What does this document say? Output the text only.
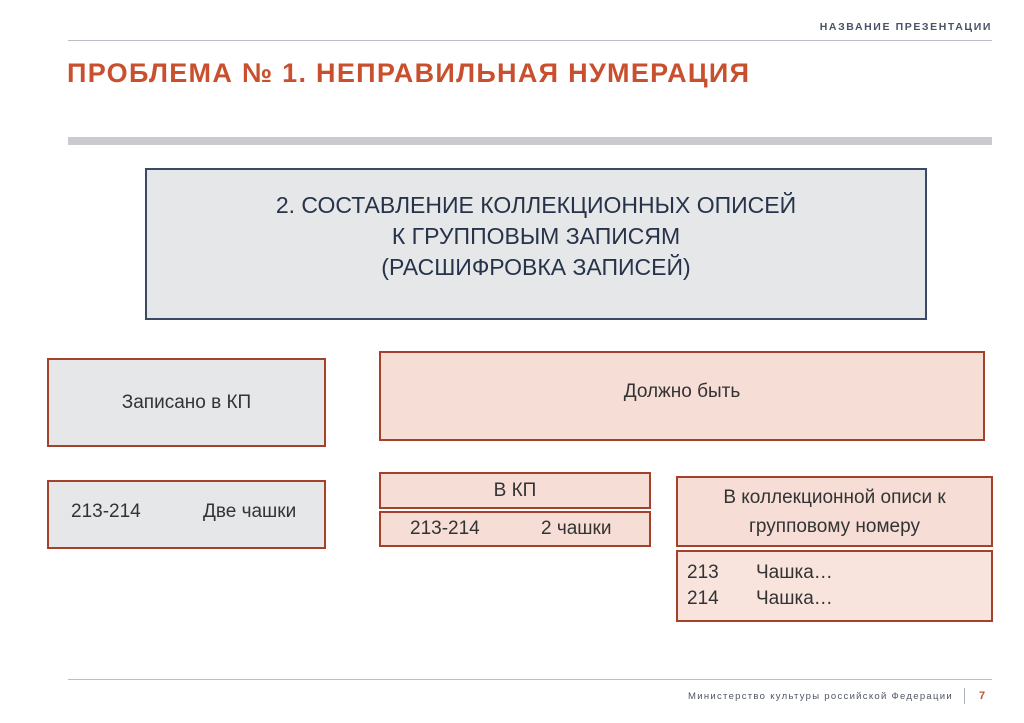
НАЗВАНИЕ ПРЕЗЕНТАЦИИ
ПРОБЛЕМА № 1. НЕПРАВИЛЬНАЯ НУМЕРАЦИЯ
2. СОСТАВЛЕНИЕ КОЛЛЕКЦИОННЫХ ОПИСЕЙ
К ГРУППОВЫМ ЗАПИСЯМ
(РАСШИФРОВКА ЗАПИСЕЙ)
Записано в КП	Должно быть
213-214	Две чашки
В КП
213-214	2 чашки
В коллекционной описи к
групповому номеру
213	Чашка…
214	Чашка…
Министерство культуры российской Федерации 7
